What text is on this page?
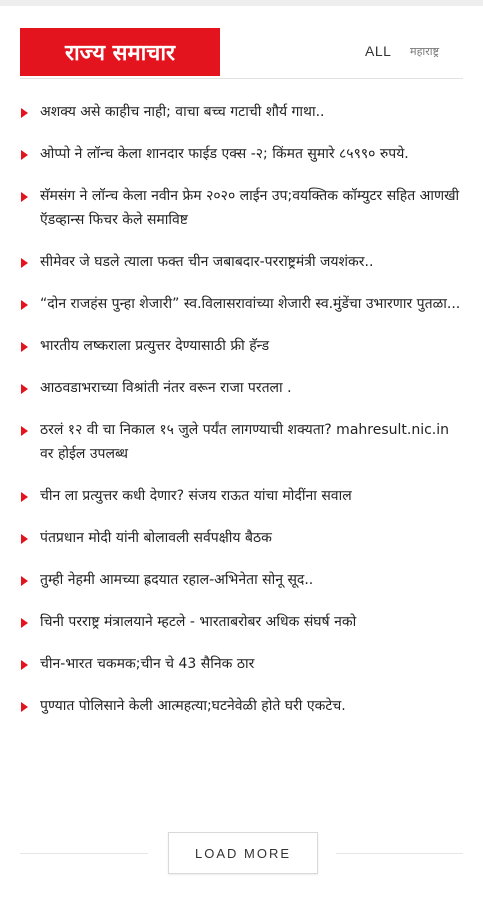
राज्य समाचार	ALL महाराष्ट्र
अशक्य असे काहीच नाही; वाचा बच्च गटाची शौर्य गाथा..
ओप्पो ने लॉन्च केला शानदार फाईड एक्स -२; किंमत सुमारे ८५९९० रुपये.
सॅमसंग ने लॉन्च केला नवीन फ्रेम २०२० लाईन उप;वयक्तिक कॉम्युटर सहित आणखी ऍडव्हान्स फिचर केले समाविष्ट
सीमेवर जे घडले त्याला फक्त चीन जबाबदार-परराष्ट्रमंत्री जयशंकर..
“दोन राजहंस पुन्हा शेजारी” स्व.विलासरावांच्या शेजारी स्व.मुंडेंचा उभारणार पुतळा...
भारतीय लष्कराला प्रत्युत्तर देण्यासाठी फ्री हॅन्ड
आठवडाभराच्या विश्रांती नंतर वरून राजा परतला .
ठरलं १२ वी चा निकाल १५ जुले पर्यंत लागण्याची शक्यता? mahresult.nic.in वर होईल उपलब्ध
चीन ला प्रत्युत्तर कधी देणार? संजय राऊत यांचा मोदींना सवाल
पंतप्रधान मोदी यांनी बोलावली सर्वपक्षीय बैठक
तुम्ही नेहमी आमच्या ह्रदयात रहाल-अभिनेता सोनू सूद..
चिनी परराष्ट्र मंत्रालयाने म्हटले - भारताबरोबर अधिक संघर्ष नको
चीन-भारत चकमक;चीन चे 43 सैनिक ठार
पुण्यात पोलिसाने केली आत्महत्या;घटनेवेळी होते घरी एकटेच.
LOAD MORE
